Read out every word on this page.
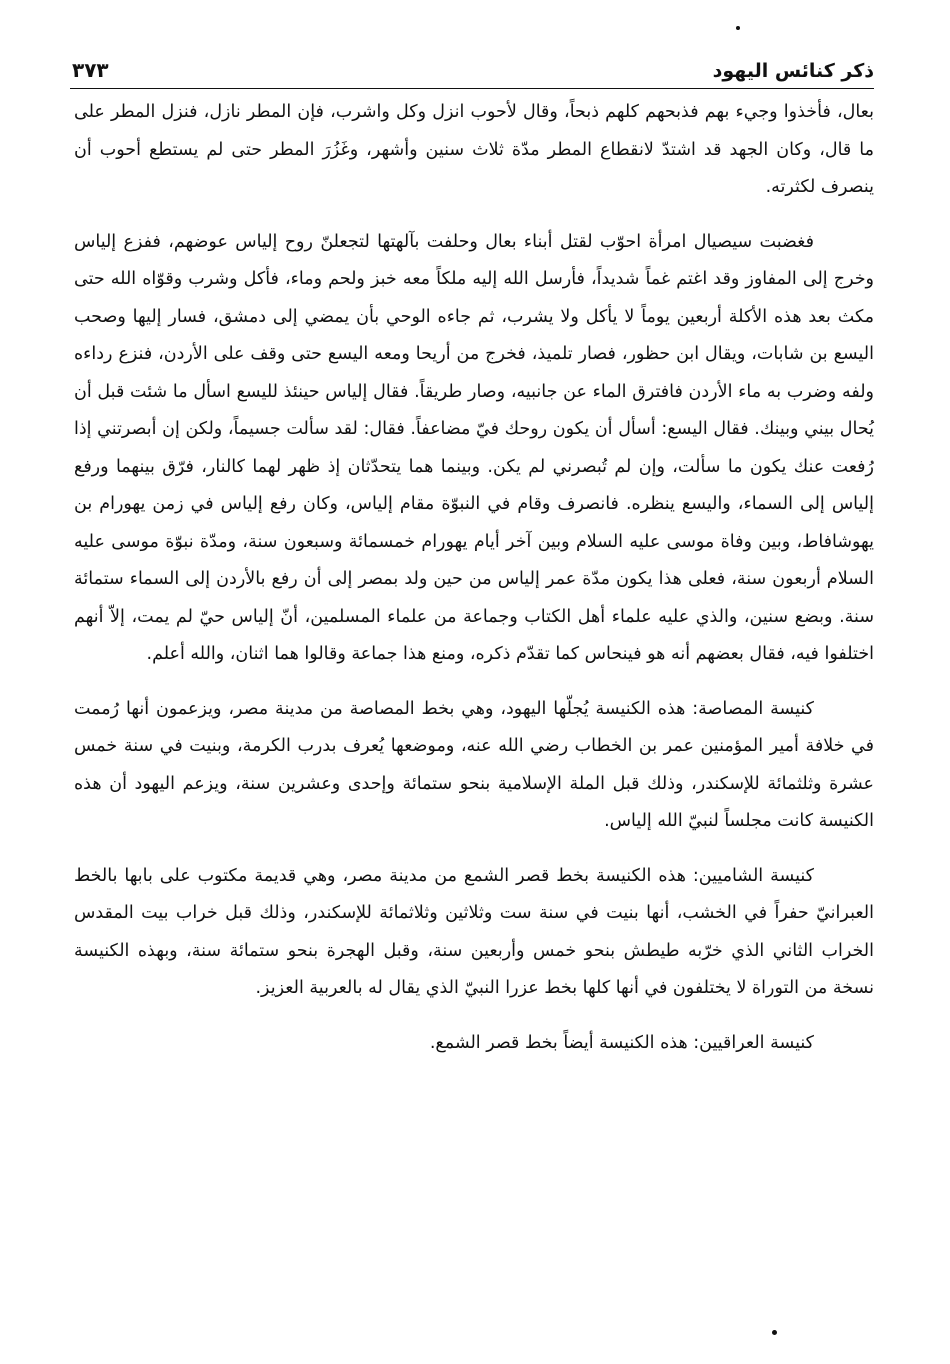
ذكر كنائس اليهود
٣٧٣

بعال، فأخذوا وجيء بهم فذبحهم كلهم ذبحاً، وقال لأحوب انزل وكل واشرب، فإن المطر نازل، فنزل المطر على ما قال، وكان الجهد قد اشتدّ لانقطاع المطر مدّة ثلاث سنين وأشهر، وغَزُرَ المطر حتى لم يستطع أحوب أن ينصرف لكثرته.

فغضبت سيصيال امرأة احوّب لقتل أبناء بعال وحلفت بآلهتها لتجعلنّ روح إلياس عوضهم، ففزع إلياس وخرج إلى المفاوز وقد اغتم غماً شديداً، فأرسل الله إليه ملكاً معه خبز ولحم وماء، فأكل وشرب وقوّاه الله حتى مكث بعد هذه الأكلة أربعين يوماً لا يأكل ولا يشرب، ثم جاءه الوحي بأن يمضي إلى دمشق، فسار إليها وصحب اليسع بن شابات، ويقال ابن حظور، فصار تلميذ، فخرج من أريحا ومعه اليسع حتى وقف على الأردن، فنزع رداءه ولفه وضرب به ماء الأردن فافترق الماء عن جانبيه، وصار طريقاً. فقال إلياس حينئذ لليسع اسأل ما شئت قبل أن يُحال بيني وبينك. فقال اليسع: أسأل أن يكون روحك فيّ مضاعفاً. فقال: لقد سألت جسيماً، ولكن إن أبصرتني إذا رُفعت عنك يكون ما سألت، وإن لم تُبصرني لم يكن. وبينما هما يتحدّثان إذ ظهر لهما كالنار، فرّق بينهما ورفع إلياس إلى السماء، واليسع ينظره. فانصرف وقام في النبوّة مقام إلياس، وكان رفع إلياس في زمن يهورام بن يهوشافاط، وبين وفاة موسى عليه السلام وبين آخر أيام يهورام خمسمائة وسبعون سنة، ومدّة نبوّة موسى عليه السلام أربعون سنة، فعلى هذا يكون مدّة عمر إلياس من حين ولد بمصر إلى أن رفع بالأردن إلى السماء ستمائة سنة. وبضع سنين، والذي عليه علماء أهل الكتاب وجماعة من علماء المسلمين، أنّ إلياس حيّ لم يمت، إلاّ أنهم اختلفوا فيه، فقال بعضهم أنه هو فينحاس كما تقدّم ذكره، ومنع هذا جماعة وقالوا هما اثنان، والله أعلم.

كنيسة المصاصة: هذه الكنيسة يُجلّها اليهود، وهي بخط المصاصة من مدينة مصر، ويزعمون أنها رُممت في خلافة أمير المؤمنين عمر بن الخطاب رضي الله عنه، وموضعها يُعرف بدرب الكرمة، وبنيت في سنة خمس عشرة وثلثمائة للإسكندر، وذلك قبل الملة الإسلامية بنحو ستمائة وإحدى وعشرين سنة، ويزعم اليهود أن هذه الكنيسة كانت مجلساً لنبيّ الله إلياس.

كنيسة الشاميين: هذه الكنيسة بخط قصر الشمع من مدينة مصر، وهي قديمة مكتوب على بابها بالخط العبرانيّ حفراً في الخشب، أنها بنيت في سنة ست وثلاثين وثلاثمائة للإسكندر، وذلك قبل خراب بيت المقدس الخراب الثاني الذي خرّبه طيطش بنحو خمس وأربعين سنة، وقبل الهجرة بنحو ستمائة سنة، وبهذه الكنيسة نسخة من التوراة لا يختلفون في أنها كلها بخط عزرا النبيّ الذي يقال له بالعربية العزيز.

كنيسة العراقيين: هذه الكنيسة أيضاً بخط قصر الشمع.
